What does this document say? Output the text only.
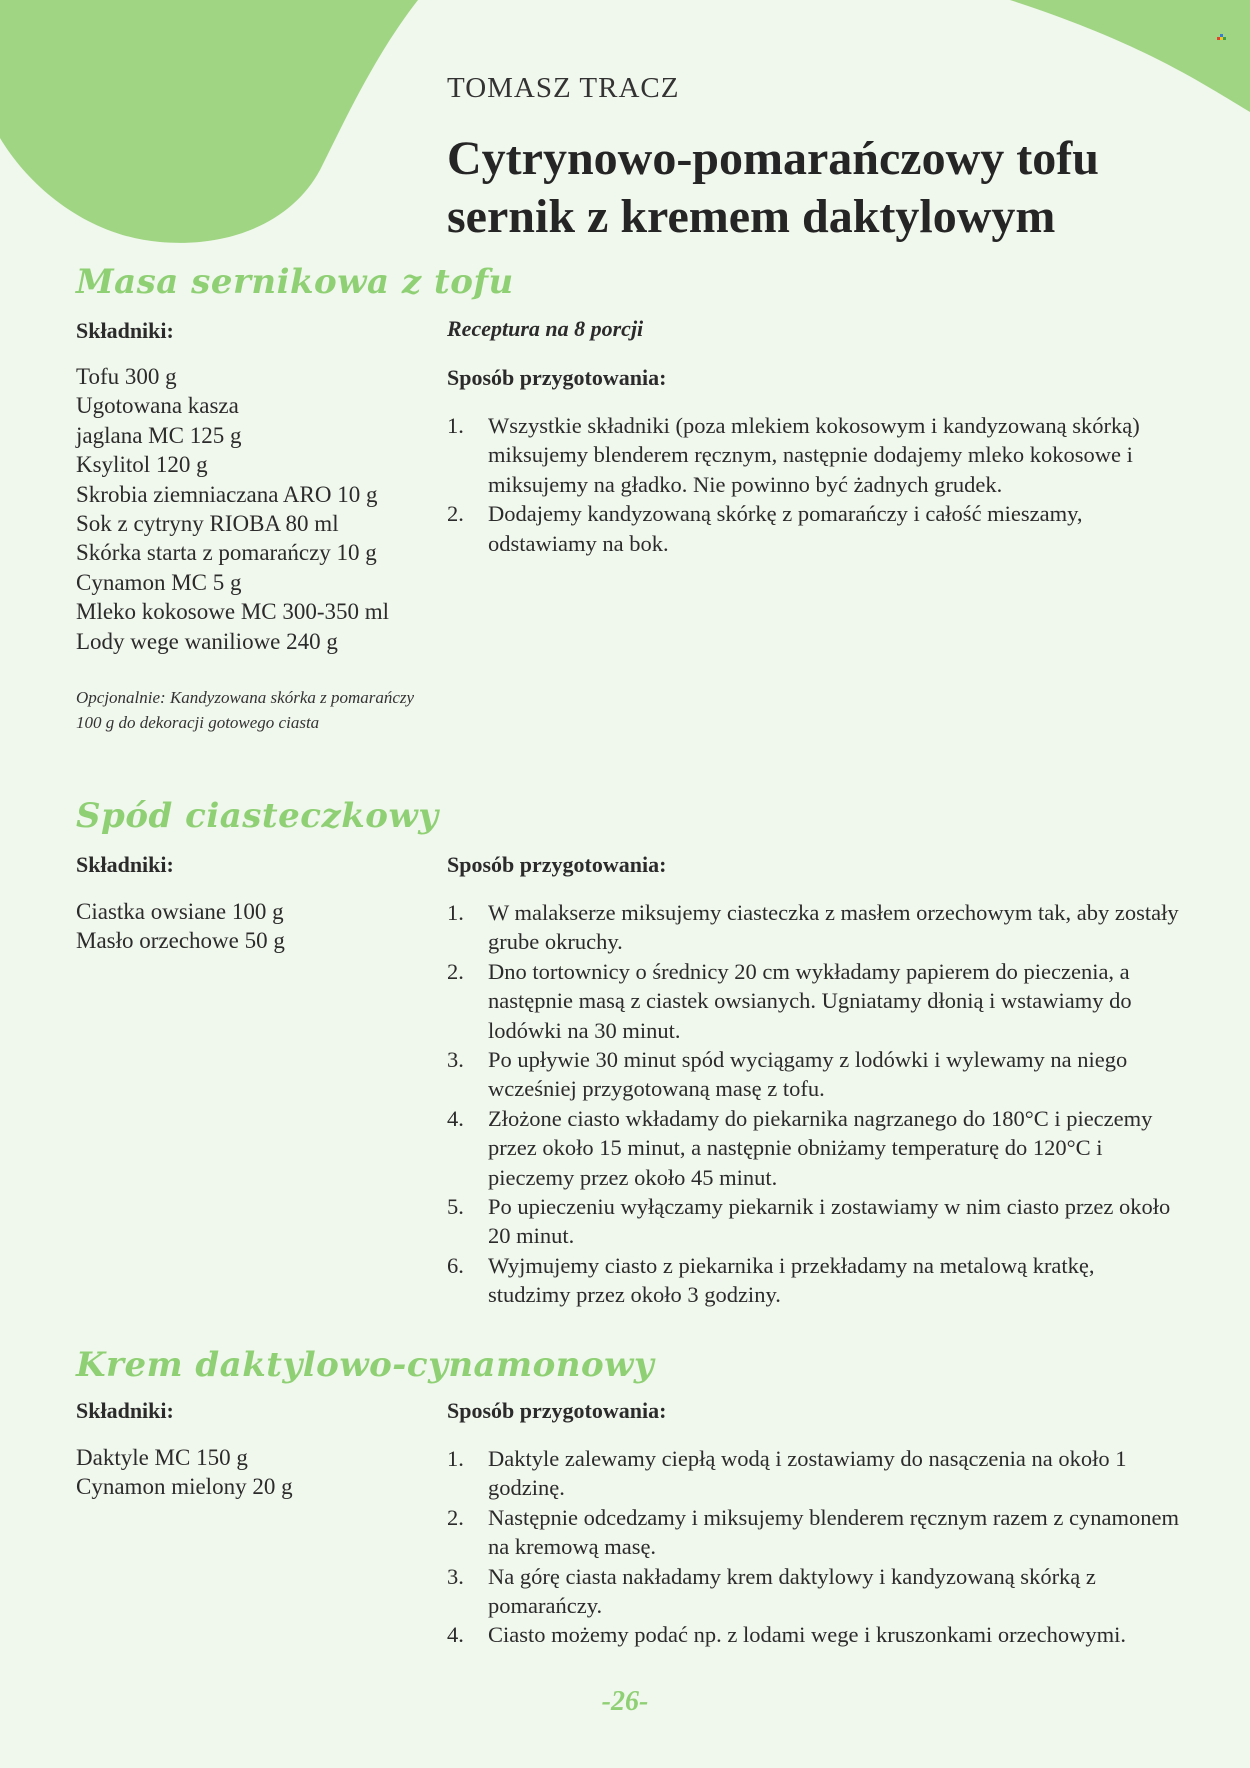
TOMASZ TRACZ
Cytrynowo-pomarańczowy tofu sernik z kremem daktylowym
Masa sernikowa z tofu
Składniki:
Tofu 300 g
Ugotowana kasza
jaglana MC 125 g
Ksylitol 120 g
Skrobia ziemniaczana ARO 10 g
Sok z cytryny RIOBA 80 ml
Skórka starta z pomarańczy 10 g
Cynamon MC 5 g
Mleko kokosowe MC 300-350 ml
Lody wege waniliowe 240 g
Opcjonalnie: Kandyzowana skórka z pomarańczy 100 g do dekoracji gotowego ciasta
Receptura na 8 porcji
Sposób przygotowania:
1. Wszystkie składniki (poza mlekiem kokosowym i kandyzowaną skórką) miksujemy blenderem ręcznym, następnie dodajemy mleko kokosowe i miksujemy na gładko. Nie powinno być żadnych grudek.
2. Dodajemy kandyzowaną skórkę z pomarańczy i całość mieszamy, odstawiamy na bok.
Spód ciasteczkowy
Składniki:
Ciastka owsiane 100 g
Masło orzechowe 50 g
Sposób przygotowania:
1. W malakserze miksujemy ciasteczka z masłem orzechowym tak, aby zostały grube okruchy.
2. Dno tortownicy o średnicy 20 cm wykładamy papierem do pieczenia, a następnie masą z ciastek owsianych. Ugniatamy dłonią i wstawiamy do lodówki na 30 minut.
3. Po upływie 30 minut spód wyciągamy z lodówki i wylewamy na niego wcześniej przygotowaną masę z tofu.
4. Złożone ciasto wkładamy do piekarnika nagrzanego do 180°C i pieczemy przez około 15 minut, a następnie obniżamy temperaturę do 120°C i pieczemy przez około 45 minut.
5. Po upieczeniu wyłączamy piekarnik i zostawiamy w nim ciasto przez około 20 minut.
6. Wyjmujemy ciasto z piekarnika i przekładamy na metalową kratkę, studzimy przez około 3 godziny.
Krem daktylowo-cynamonowy
Składniki:
Daktyle MC 150 g
Cynamon mielony 20 g
Sposób przygotowania:
1. Daktyle zalewamy ciepłą wodą i zostawiamy do nasączenia na około 1 godzinę.
2. Następnie odcedzamy i miksujemy blenderem ręcznym razem z cynamonem na kremową masę.
3. Na górę ciasta nakładamy krem daktylowy i kandyzowaną skórką z pomarańczy.
4. Ciasto możemy podać np. z lodami wege i kruszonkami orzechowymi.
-26-
